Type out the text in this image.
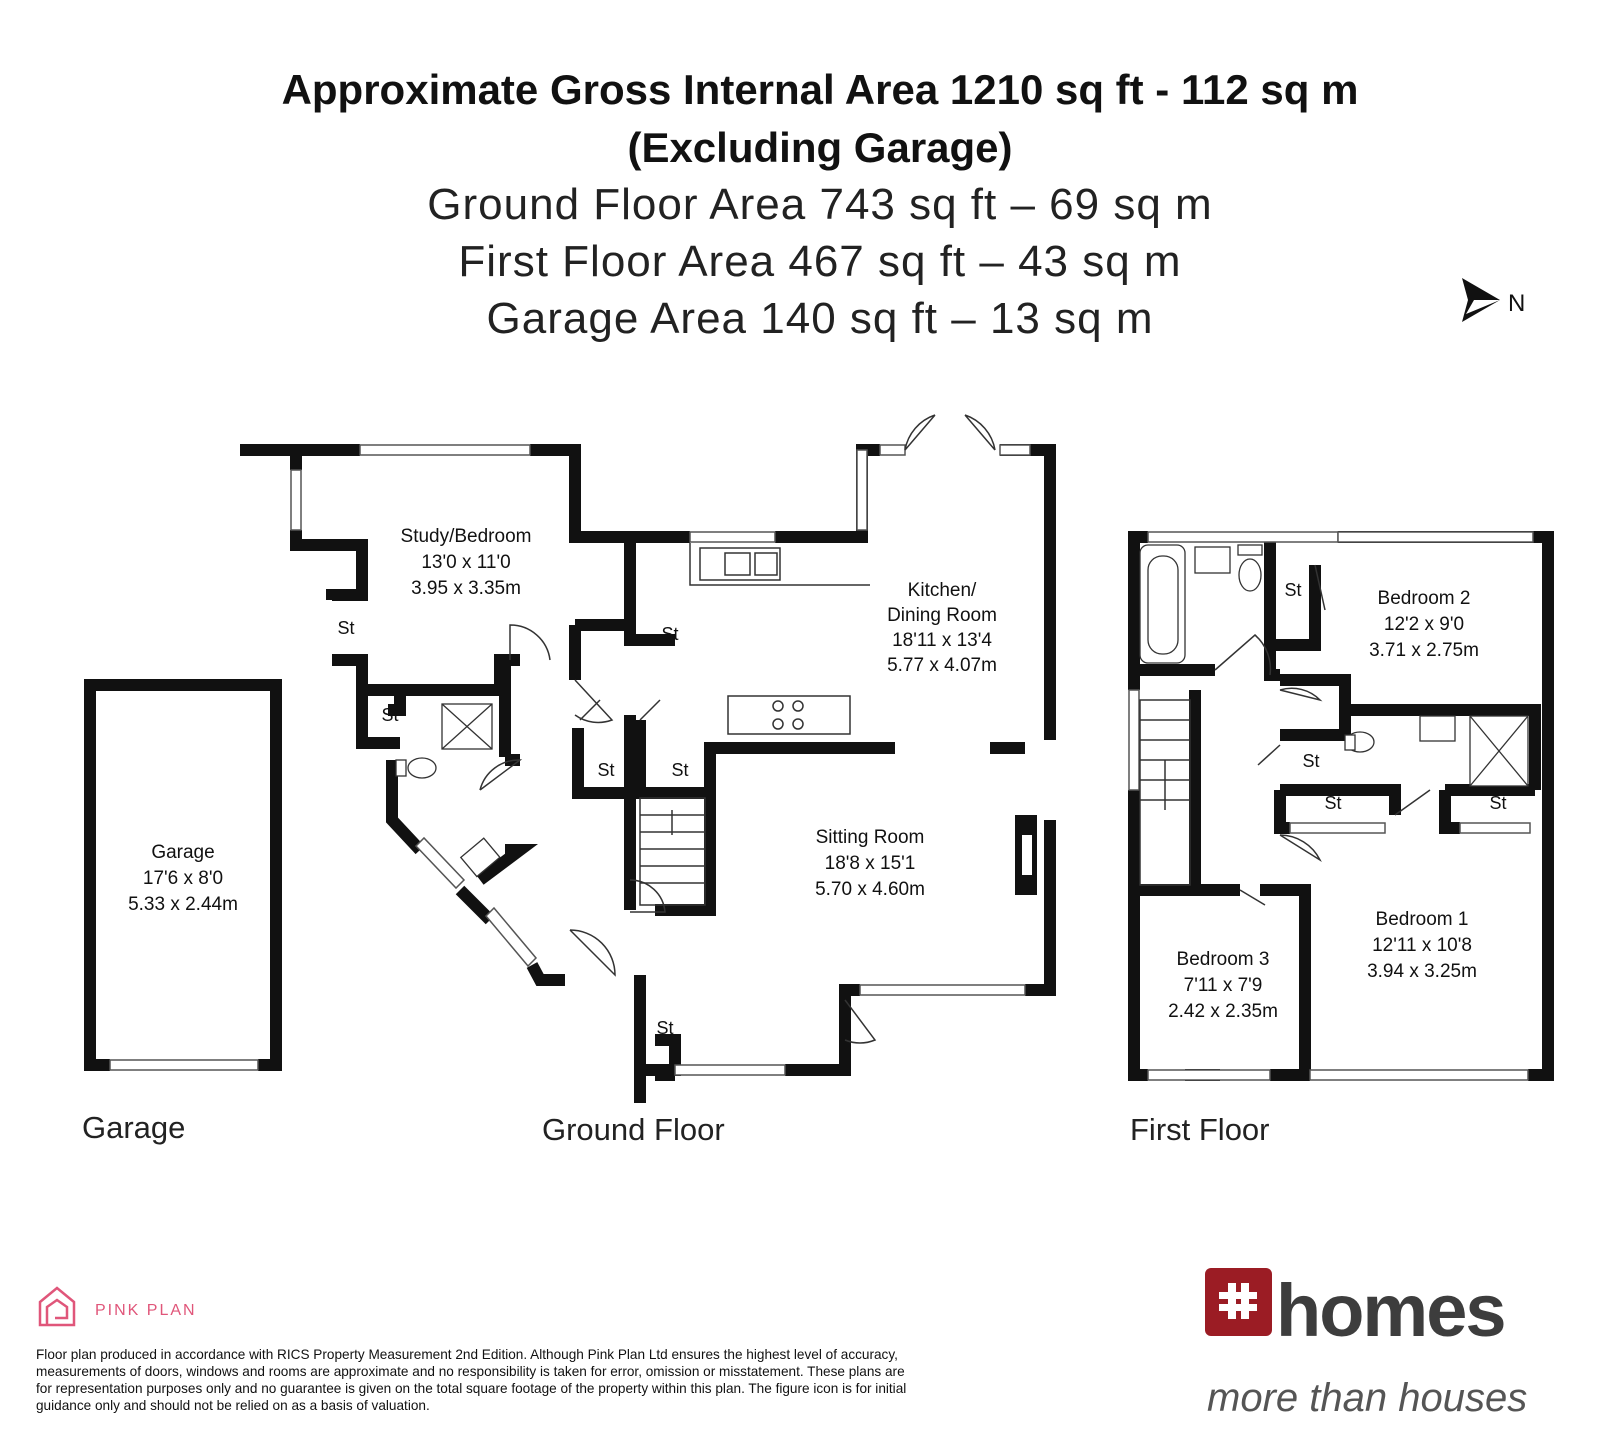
Approximate Gross Internal Area 1210 sq ft - 112 sq m
(Excluding Garage)
Ground Floor Area 743 sq ft – 69 sq m
First Floor Area 467 sq ft – 43 sq m
Garage Area 140 sq ft – 13 sq m	N
Study/Bedroom
13'0 x 11'0
3.95 x 3.35m	Kitchen/
Dining Room
18'11 x 13'4
5.77 x 4.07m
Sitting Room
18'8 x 15'1
5.70 x 4.60m
Garage
17'6 x 8'0
5.33 x 2.44m
St
St
St
St	St
St
Bedroom 2
12'2 x 9'0
3.71 x 2.75m
Bedroom 1
12'11 x 10'8
3.94 x 3.25m
Bedroom 3
7'11 x 7'9
2.42 x 2.35m
St
St
St	St
homes
more than houses
Garage	Ground Floor	First Floor
PINK PLAN
Floor plan produced in accordance with RICS Property Measurement 2nd Edition. Although Pink Plan Ltd ensures the highest level of accuracy, measurements of doors, windows and rooms are approximate and no responsibility is taken for error, omission or misstatement. These plans are for representation purposes only and no guarantee is given on the total square footage of the property within this plan. The figure icon is for initial guidance only and should not be relied on as a basis of valuation.
